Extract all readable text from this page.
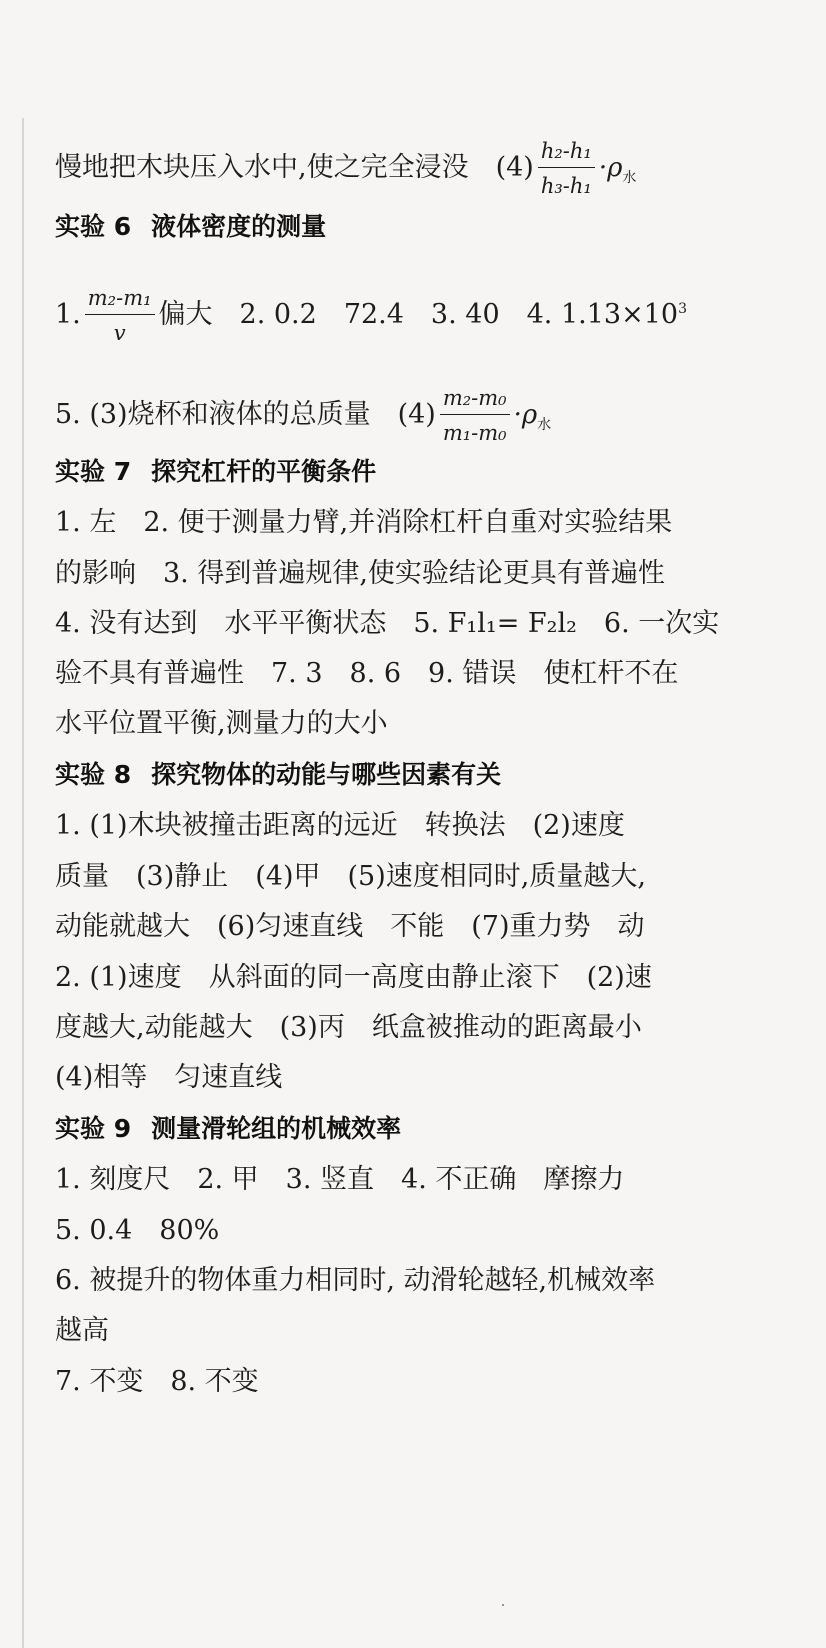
慢地把木块压入水中,使之完全浸没　$(4) \frac{\text{h₂-h₁}}{\text{h₃-h₁}} \cdot\rho_水$
实验 6 液体密度的测量
1. $\frac{\text{m₂-m₁}}{v}$ 偏大　2. 0.2　72.4　3. 40　4. $1.13\times 10^3$
5. (3)烧杯和液体的总质量　$(4) \frac{\text{m₂-m₀}}{\text{m₁-m₀}} \cdot\rho_水$
实验 7 探究杠杆的平衡条件
1. 左　2. 便于测量力臂,并消除杠杆自重对实验结果
的影响　3. 得到普遍规律,使实验结论更具有普遍性
4. 没有达到　水平平衡状态　5. F₁l₁= F₂l₂　6. 一次实
验不具有普遍性　7. 3　8. 6　9. 错误　使杠杆不在
水平位置平衡,测量力的大小
实验 8 探究物体的动能与哪些因素有关
1. (1)木块被撞击距离的远近　转换法　(2)速度
质量　(3)静止　(4)甲　(5)速度相同时,质量越大,
动能就越大　(6)匀速直线　不能　(7)重力势　动
2. (1)速度　从斜面的同一高度由静止滚下　(2)速
度越大,动能越大　(3)丙　纸盒被推动的距离最小
(4)相等　匀速直线
实验 9 测量滑轮组的机械效率
1. 刻度尺　2. 甲　3. 竖直　4. 不正确　摩擦力
5. 0.4　80%
6. 被提升的物体重力相同时, 动滑轮越轻,机械效率
越高
7. 不变　8. 不变
